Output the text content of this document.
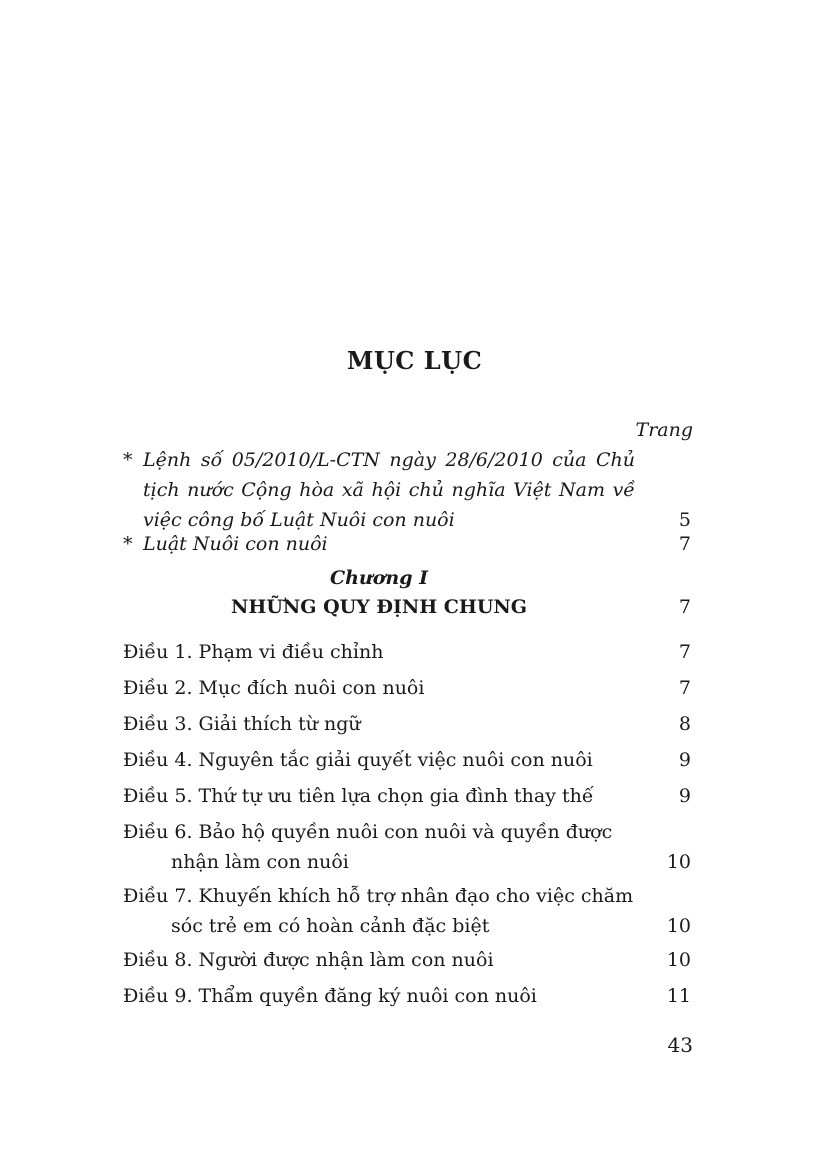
MỤC LỤC
Trang
* Lệnh số 05/2010/L-CTN ngày 28/6/2010 của Chủ tịch nước Cộng hòa xã hội chủ nghĩa Việt Nam về việc công bố Luật Nuôi con nuôi	5
* Luật Nuôi con nuôi	7
Chương I
NHỮNG QUY ĐỊNH CHUNG	7
Điều 1. Phạm vi điều chỉnh	7
Điều 2. Mục đích nuôi con nuôi	7
Điều 3. Giải thích từ ngữ	8
Điều 4. Nguyên tắc giải quyết việc nuôi con nuôi	9
Điều 5. Thứ tự ưu tiên lựa chọn gia đình thay thế	9
Điều 6. Bảo hộ quyền nuôi con nuôi và quyền được
nhận làm con nuôi	10
Điều 7. Khuyến khích hỗ trợ nhân đạo cho việc chăm
sóc trẻ em có hoàn cảnh đặc biệt	10
Điều 8. Người được nhận làm con nuôi	10
Điều 9. Thẩm quyền đăng ký nuôi con nuôi	11
43
